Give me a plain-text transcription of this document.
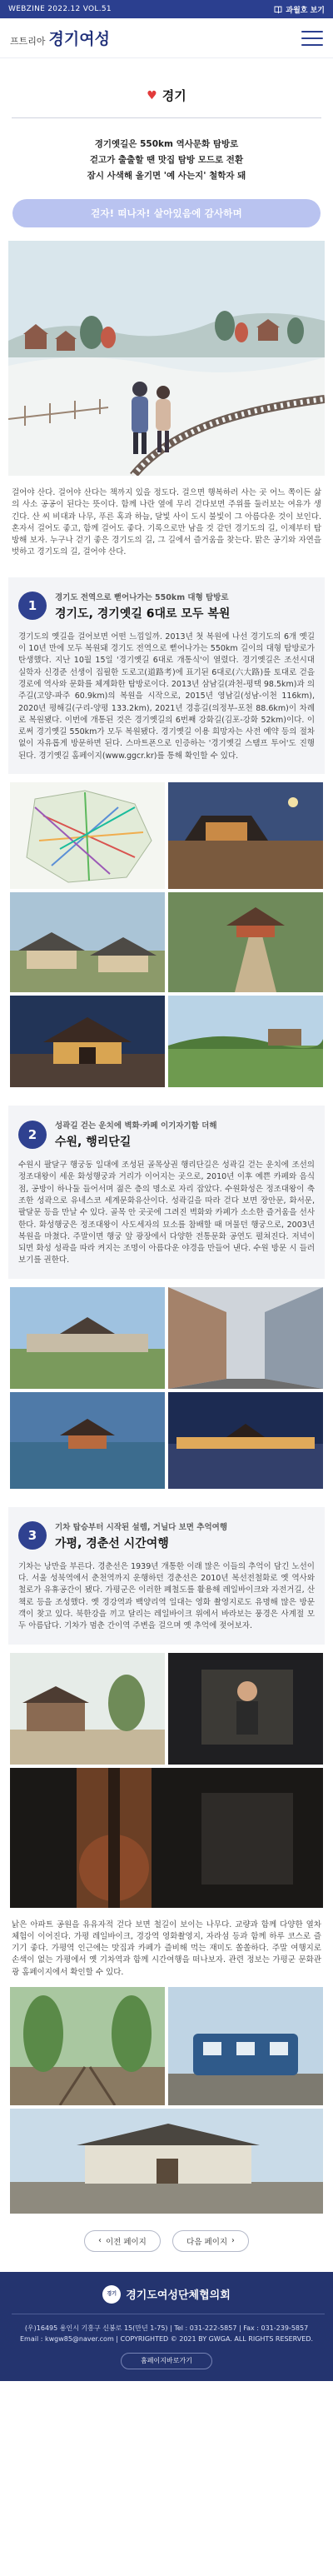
WEBZINE 2022.12 VOL.51	과월호 보기
프트리아 경기여성
♥ 경기
경기옛길은 550km 역사문화 탐방로
걷고가 출출할 땐 맛집 탐방 모드로 전환
잠시 사색해 올기면 '예 사는지' 철학자 돼
걷자! 떠나자! 살아있음에 감사하며

걸어야 산다. 걸어야 산다는 책까지 있을 정도다. 걸으면 행복하러 사는 곳 어느 쪽이든 삶의 사소 공공이 된다는 뜻이다. 함께 나란 옆에 무리 걷다보면 주위를 둘러보는 여유가 생긴다. 산 씨 비대과 나무, 푸른 혹과 하늘, 달빛 사이 도시 불빛이 그 아름다운 것이 보인다. 혼자서 걸어도 좋고, 함께 걸어도 좋다. 기록으로만 남을 것 같던 경기도의 길, 이제부터 탐방해 보자. 누구나 걷기 좋은 경기도의 길, 그 길에서 즐거움을 찾는다. 맑은 공기와 자연을 벗하고 경기도의 길, 걸어야 산다.

1
경기도 전역으로 뻗어나가는 550km 대형 탐방로
경기도, 경기옛길 6대로 모두 복원

경기도의 옛길을 걸어보면 어떤 느낌일까. 2013년 첫 복원에 나선 경기도의 6개 옛길이 10년 만에 모두 복원돼 경기도 전역으로 뻗어나가는 550km 길이의 대형 탐방로가 탄생했다. 지난 10월 15일 '경기옛길 6대로 개통식'이 열렸다. 경기옛길은 조선시대 실학자 신경준 선생이 집필한 도로고(道路考)에 표기된 6대로(六大路)를 토대로 걷을 경로에 역사와 문화를 체계화한 탐방로이다. 2013년 삼남길(과천-평택 98.5km)과 의주길(고양-파주 60.9km)의 복원을 시작으로, 2015년 영남길(성남-이천 116km), 2020년 평해길(구리-양평 133.2km), 2021년 경흥길(의정부-포천 88.6km)이 차례로 복원됐다. 이번에 개통된 것은 경기옛길의 6번째 강화길(김포-강화 52km)이다. 이로써 경기옛길 550km가 모두 복원됐다. 경기옛길 이용 희망자는 사전 예약 등의 절차 없이 자유롭게 방문하면 된다. 스마트폰으로 인증하는 '경기옛길 스탬프 투어'도 진행된다. 경기옛길 홈페이지(www.ggcr.kr)를 통해 확인할 수 있다.

2
성곽길 걷는 운치에 벽화·카페 이기자기함 더해
수원, 행리단길

수원시 팔달구 행궁동 일대에 조성된 골목상권 행리단길은 성곽길 걷는 운치에 조선의 정조대왕이 세운 화성행궁과 거리가 이어지는 곳으로, 2010년 이후 예쁜 카페와 음식점, 공방이 하나둘 들어서며 젊은 층의 명소로 자리 잡았다. 수원화성은 정조대왕이 축조한 성곽으로 유네스코 세계문화유산이다. 성곽길을 따라 걷다 보면 장안문, 화서문, 팔달문 등을 만날 수 있다. 골목 안 곳곳에 그려진 벽화와 카페가 소소한 즐거움을 선사한다. 화성행궁은 정조대왕이 사도세자의 묘소를 참배할 때 머물던 행궁으로, 2003년 복원을 마쳤다. 주말이면 행궁 앞 광장에서 다양한 전통문화 공연도 펼쳐진다. 저녁이 되면 화성 성곽을 따라 켜지는 조명이 아름다운 야경을 만들어 낸다. 수원 방문 시 들러보기를 권한다.

3
기차 탑승부터 시작된 설렘, 거닐다 보면 추억여행
가평, 경춘선 시간여행

기차는 낭만을 부른다. 경춘선은 1939년 개통한 이래 많은 이들의 추억이 담긴 노선이다. 서울 성북역에서 춘천역까지 운행하던 경춘선은 2010년 복선전철화로 옛 역사와 철로가 유휴공간이 됐다. 가평군은 이러한 폐철도를 활용해 레일바이크와 자전거길, 산책로 등을 조성했다. 옛 경강역과 백양리역 일대는 영화 촬영지로도 유명해 많은 방문객이 찾고 있다. 북한강을 끼고 달리는 레일바이크 위에서 바라보는 풍경은 사계절 모두 아름답다. 기차가 멈춘 간이역 주변을 걸으며 옛 추억에 젖어보자.

낡은 아파트 공원을 유유자적 걷다 보면 철길이 보이는 나무다. 교량과 함께 다양한 열차 체험이 이어진다. 가평 레일바이크, 경강역 영화촬영지, 자라섬 등과 함께 하루 코스로 즐기기 좋다. 가평역 인근에는 맛집과 카페가 즐비해 먹는 재미도 쏠쏠하다. 주말 여행지로 손색이 없는 가평에서 옛 기차역과 함께 시간여행을 떠나보자. 관련 정보는 가평군 문화관광 홈페이지에서 확인할 수 있다.

‹ 이전 페이지	다음 페이지 ›
경기 경기도여성단체협의회
(우)16495 용인시 기흥구 신봉로 15(만년 1-75) | Tel : 031-222-5857 | Fax : 031-239-5857
Email : kwgw85@naver.com | COPYRIGHTED © 2021 BY GWGA. ALL RIGHTS RESERVED.
홈페이지바로가기
